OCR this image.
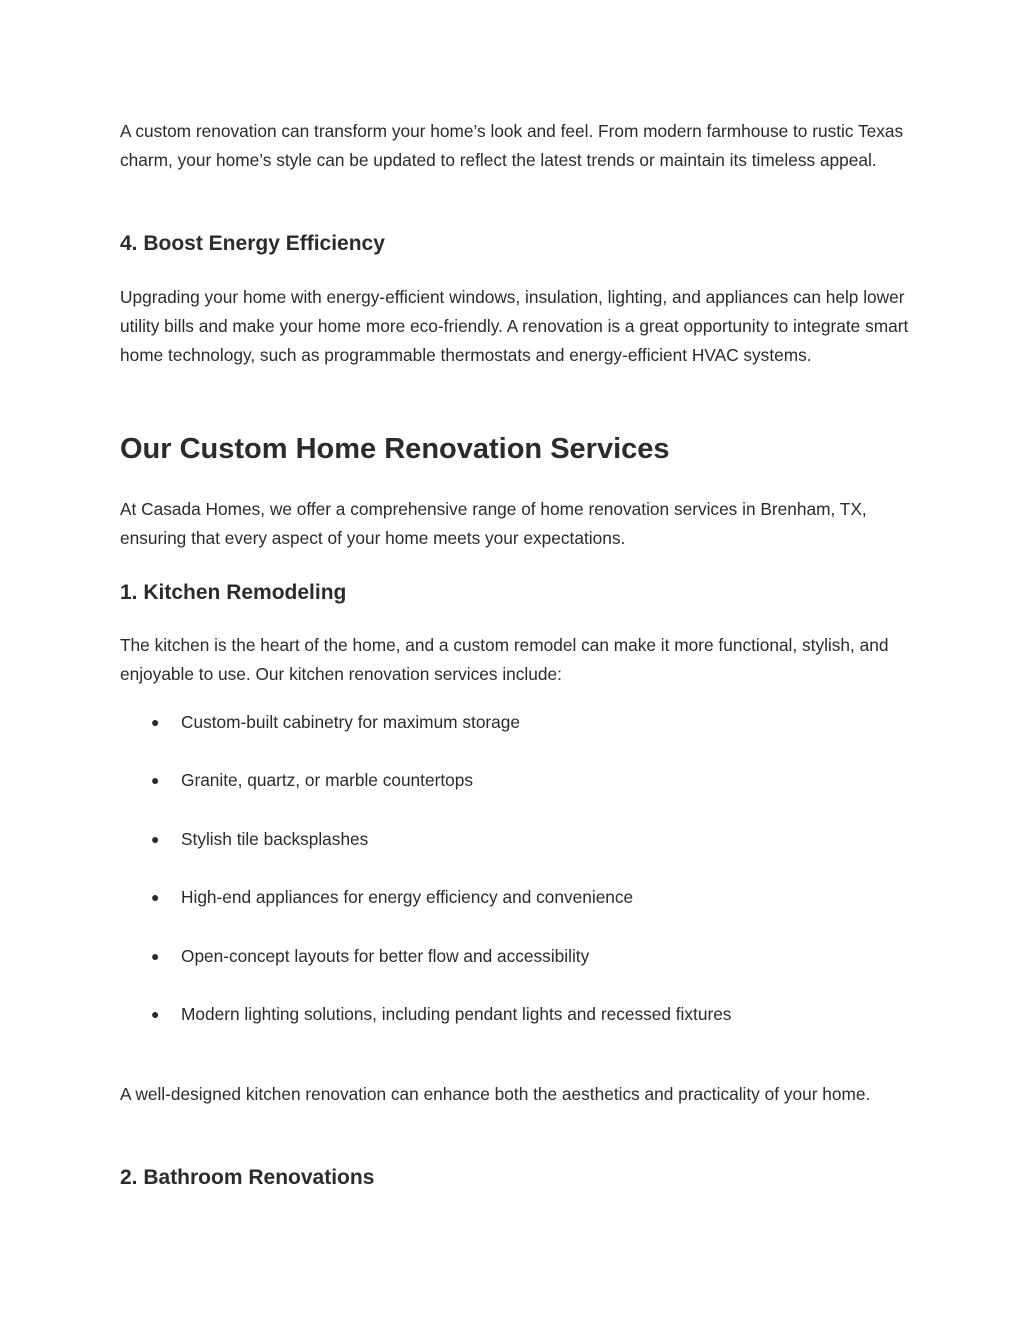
A custom renovation can transform your home’s look and feel. From modern farmhouse to rustic Texas charm, your home’s style can be updated to reflect the latest trends or maintain its timeless appeal.

4. Boost Energy Efficiency

Upgrading your home with energy-efficient windows, insulation, lighting, and appliances can help lower utility bills and make your home more eco-friendly. A renovation is a great opportunity to integrate smart home technology, such as programmable thermostats and energy-efficient HVAC systems.

Our Custom Home Renovation Services

At Casada Homes, we offer a comprehensive range of home renovation services in Brenham, TX, ensuring that every aspect of your home meets your expectations.

1. Kitchen Remodeling

The kitchen is the heart of the home, and a custom remodel can make it more functional, stylish, and enjoyable to use. Our kitchen renovation services include:

● Custom-built cabinetry for maximum storage
● Granite, quartz, or marble countertops
● Stylish tile backsplashes
● High-end appliances for energy efficiency and convenience
● Open-concept layouts for better flow and accessibility
● Modern lighting solutions, including pendant lights and recessed fixtures

A well-designed kitchen renovation can enhance both the aesthetics and practicality of your home.

2. Bathroom Renovations
